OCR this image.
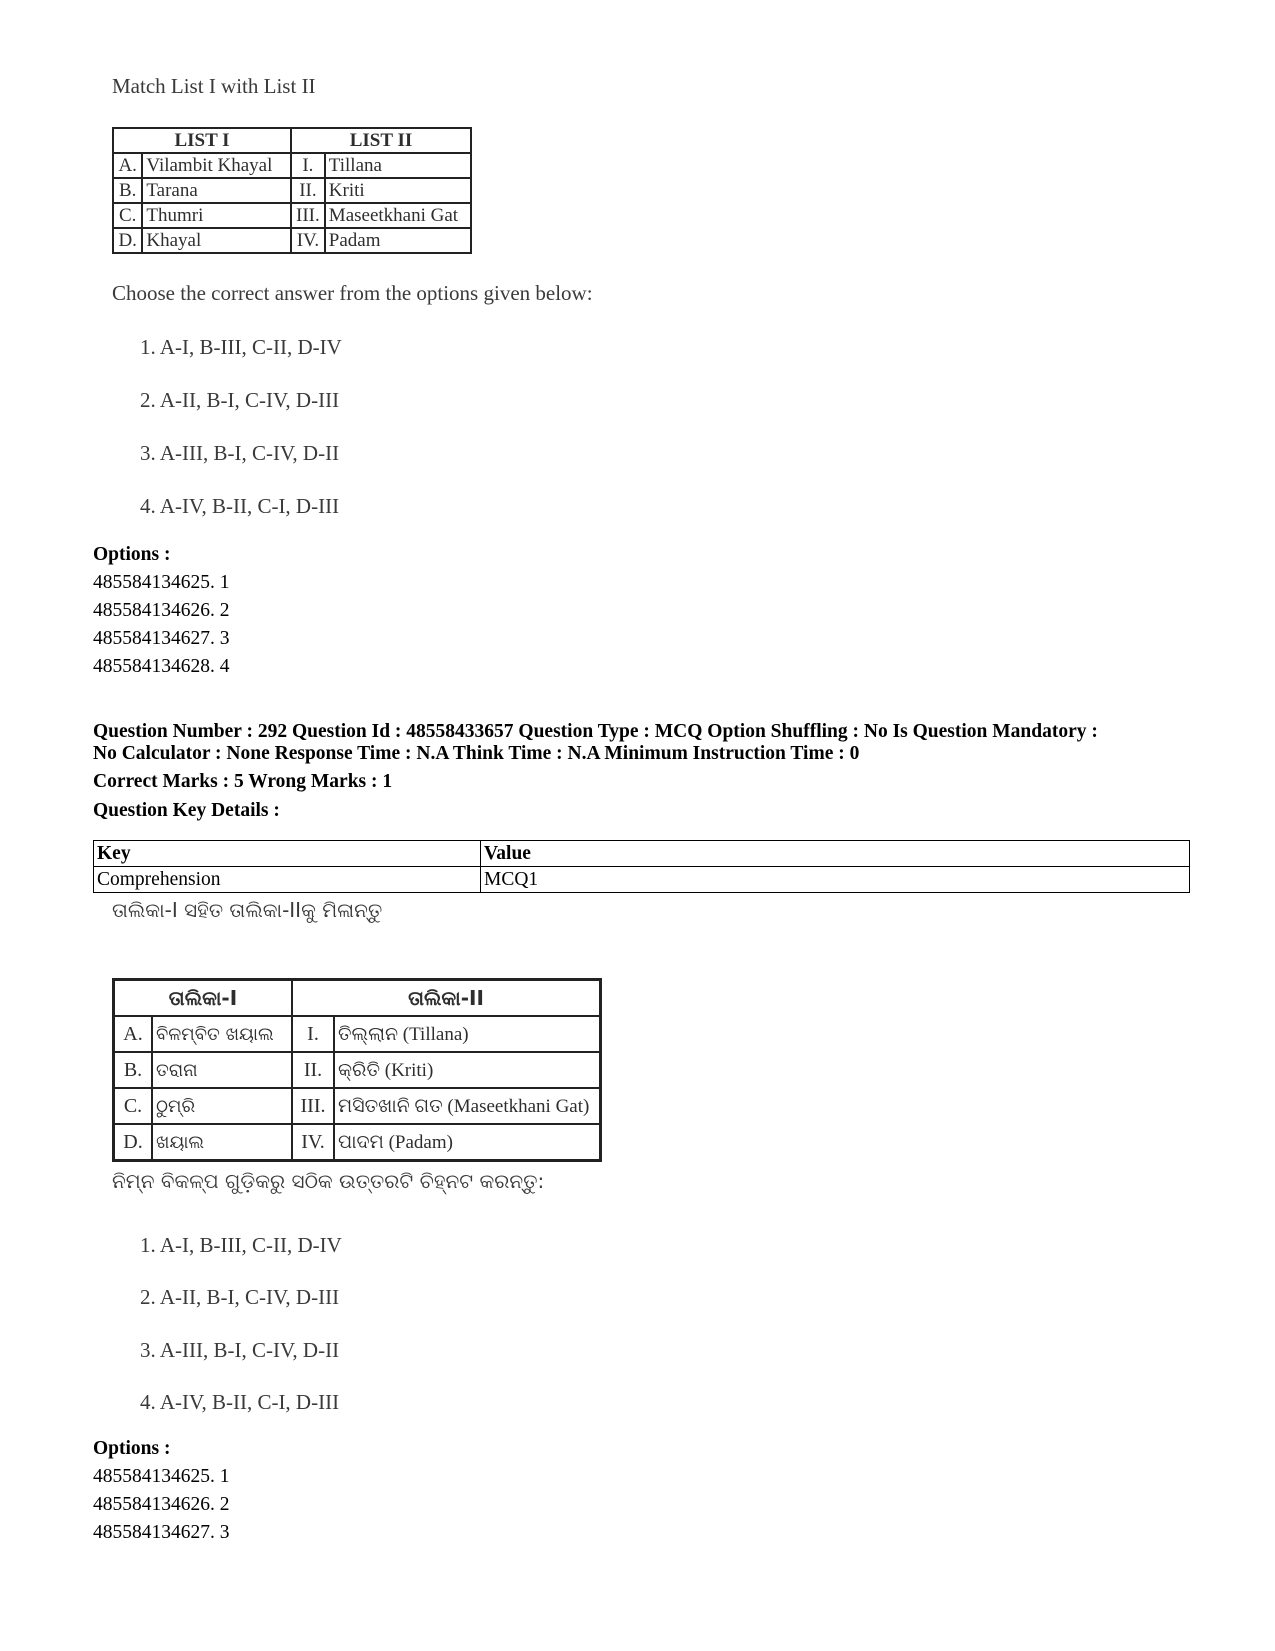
Match List I with List II
LIST I		LIST II	
A.	Vilambit Khayal	I.	Tillana
B.	Tarana	II.	Kriti
C.	Thumri	III.	Maseetkhani Gat
D.	Khayal	IV.	Padam
Choose the correct answer from the options given below:
1. A-I, B-III, C-II, D-IV
2. A-II, B-I, C-IV, D-III
3. A-III, B-I, C-IV, D-II
4. A-IV, B-II, C-I, D-III
Options :
485584134625. 1
485584134626. 2
485584134627. 3
485584134628. 4
Question Number : 292 Question Id : 48558433657 Question Type : MCQ Option Shuffling : No Is Question Mandatory :
No Calculator : None Response Time : N.A Think Time : N.A Minimum Instruction Time : 0
Correct Marks : 5 Wrong Marks : 1
Question Key Details :
Key	Value
Comprehension	MCQ1
ତାଲିକା-I ସହିତ ତାଲିକା-IIକୁ ମିଳାନ୍ତୁ
ତାଲିକା-I		ତାଲିକା-II	
A.	ବିଳମ୍ବିତ ଖୟାଲ	I.	ତିଲ୍ଲାନ (Tillana)
B.	ତରାନା	II.	କ୍ରିତି (Kriti)
C.	ଠୁମ୍ରି	III.	ମସିତଖାନି ଗତ (Maseetkhani Gat)
D.	ଖୟାଲ	IV.	ପାଦମ (Padam)
ନିମ୍ନ ବିକଳ୍ପ ଗୁଡ଼ିକରୁ ସଠିକ ଉତ୍ତରଟି ଚିହ୍ନଟ କରନ୍ତୁ:
1. A-I, B-III, C-II, D-IV
2. A-II, B-I, C-IV, D-III
3. A-III, B-I, C-IV, D-II
4. A-IV, B-II, C-I, D-III
Options :
485584134625. 1
485584134626. 2
485584134627. 3
